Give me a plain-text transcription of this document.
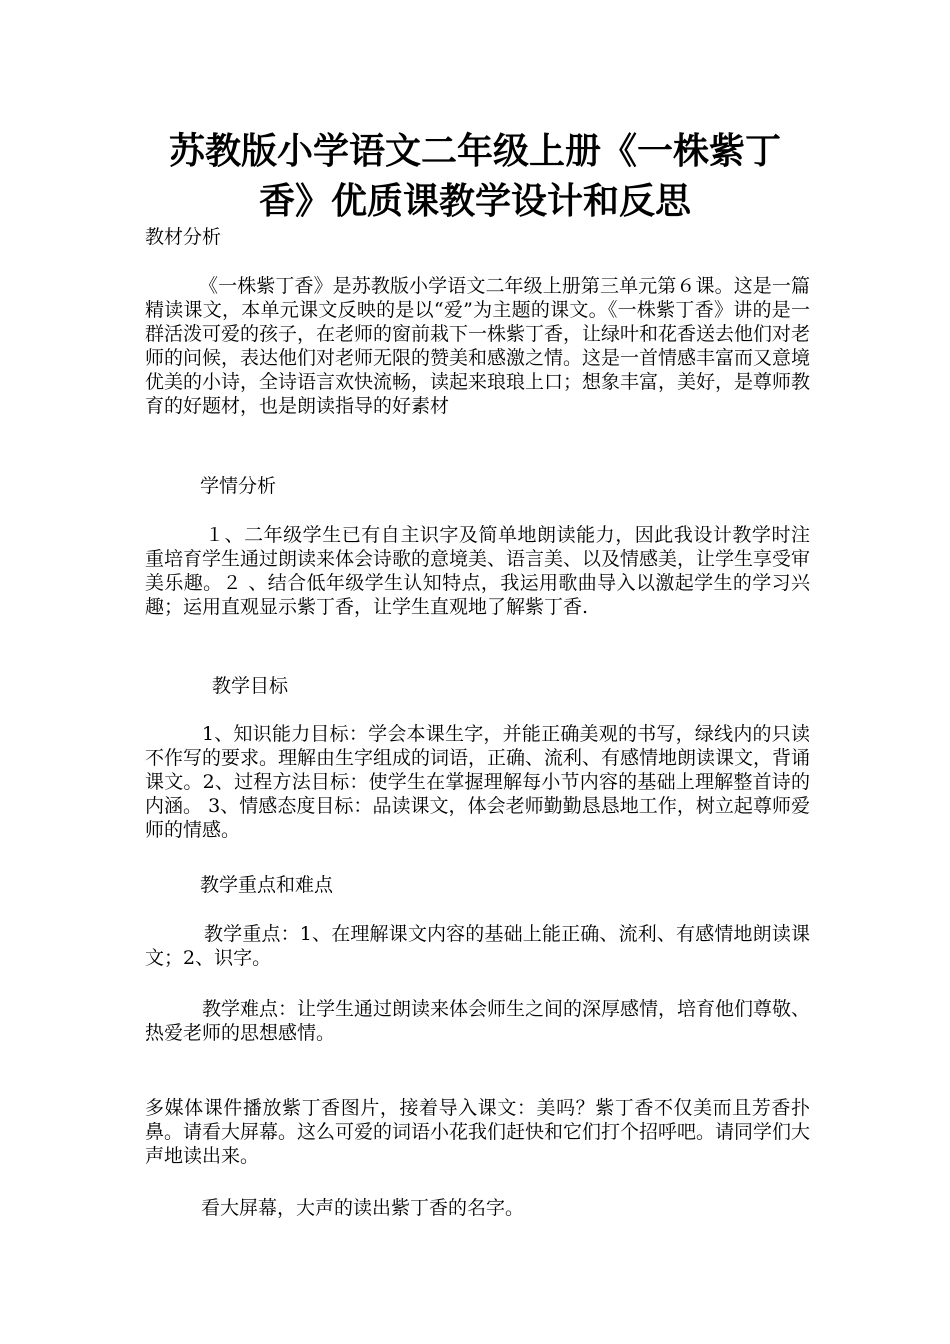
苏教版小学语文二年级上册《一株紫丁
香》优质课教学设计和反思

教材分析

《一株紫丁香》是苏教版小学语文二年级上册第三单元第６课。这是一篇精读课文，本单元课文反映的是以“爱”为主题的课文。《一株紫丁香》讲的是一群活泼可爱的孩子，在老师的窗前栽下一株紫丁香，让绿叶和花香送去他们对老师的问候，表达他们对老师无限的赞美和感激之情。这是一首情感丰富而又意境优美的小诗，全诗语言欢快流畅，读起来琅琅上口；想象丰富，美好，是尊师教育的好题材，也是朗读指导的好素材

学情分析

１、二年级学生已有自主识字及简单地朗读能力，因此我设计教学时注重培育学生通过朗读来体会诗歌的意境美、语言美、以及情感美，让学生享受审美乐趣。２ 、结合低年级学生认知特点，我运用歌曲导入以激起学生的学习兴趣；运用直观显示紫丁香，让学生直观地了解紫丁香.

教学目标

1、知识能力目标：学会本课生字，并能正确美观的书写，绿线内的只读不作写的要求。理解由生字组成的词语，正确、流利、有感情地朗读课文，背诵课文。2、过程方法目标：使学生在掌握理解每小节内容的基础上理解整首诗的内涵。 3、情感态度目标：品读课文，体会老师勤勤恳恳地工作，树立起尊师爱师的情感。

教学重点和难点

教学重点：1、在理解课文内容的基础上能正确、流利、有感情地朗读课文；2、识字。

教学难点：让学生通过朗读来体会师生之间的深厚感情，培育他们尊敬、热爱老师的思想感情。

多媒体课件播放紫丁香图片，接着导入课文：美吗？紫丁香不仅美而且芳香扑鼻。请看大屏幕。这么可爱的词语小花我们赶快和它们打个招呼吧。请同学们大声地读出来。

看大屏幕，大声的读出紫丁香的名字。
